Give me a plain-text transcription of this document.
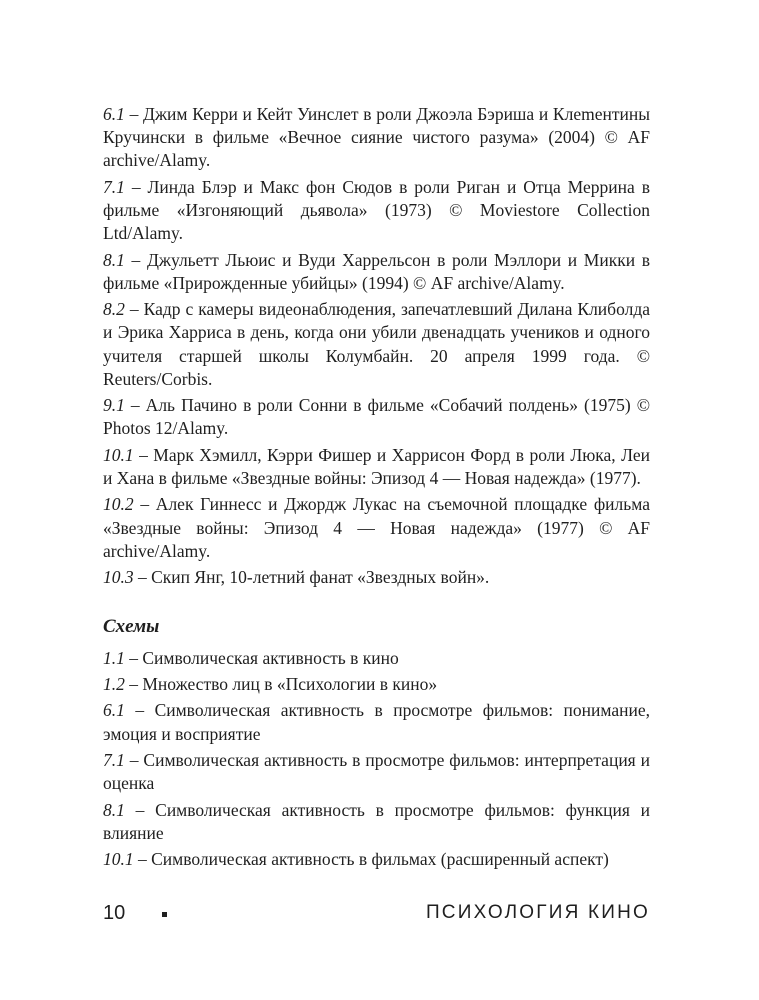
6.1 – Джим Керри и Кейт Уинслет в роли Джоэла Бэриша и Клеmентины Кручински в фильме «Вечное сияние чистого разума» (2004) © AF archive/Alamy.

7.1 – Линда Блэр и Макс фон Сюдов в роли Риган и Отца Меррина в фильме «Изгоняющий дьявола» (1973) © Moviestore Collection Ltd/Alamy.

8.1 – Джульетт Льюис и Вуди Харрельсон в роли Мэллори и Микки в фильме «Прирожденные убийцы» (1994) © AF archive/Alamy.

8.2 – Кадр с камеры видеонаблюдения, запечатлевший Дилана Клиболда и Эрика Харриса в день, когда они убили двенадцать учеников и одного учителя старшей школы Колумбайн. 20 апреля 1999 года. © Reuters/Corbis.

9.1 – Аль Пачино в роли Сонни в фильме «Собачий полдень» (1975) © Photos 12/Alamy.

10.1 – Марк Хэмилл, Кэрри Фишер и Харрисон Форд в роли Люка, Леи и Хана в фильме «Звездные войны: Эпизод 4 — Новая надежда» (1977).

10.2 – Алек Гиннесс и Джордж Лукас на съемочной площадке фильма «Звездные войны: Эпизод 4 — Новая надежда» (1977) © AF archive/Alamy.

10.3 – Скип Янг, 10-летний фанат «Звездных войн».

Схемы

1.1 – Символическая активность в кино

1.2 – Множество лиц в «Психологии в кино»

6.1 – Символическая активность в просмотре фильмов: понимание, эмоция и восприятие

7.1 – Символическая активность в просмотре фильмов: интерпретация и оценка

8.1 – Символическая активность в просмотре фильмов: функция и влияние

10.1 – Символическая активность в фильмах (расширенный аспект)

10	ПСИХОЛОГИЯ КИНО
